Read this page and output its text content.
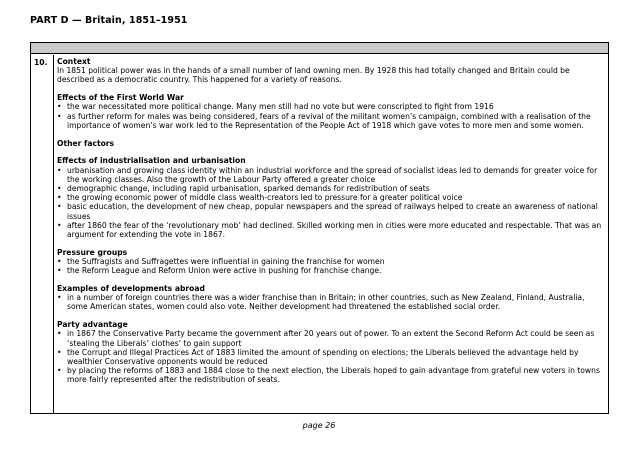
PART D — Britain, 1851–1951
10.	Context

In 1851 political power was in the hands of a small number of land owning men. By 1928 this had totally changed and Britain could be described as a democratic country. This happened for a variety of reasons.

Effects of the First World War

• the war necessitated more political change. Many men still had no vote but were conscripted to fight from 1916
• as further reform for males was being considered, fears of a revival of the militant women’s campaign, combined with a realisation of the importance of women’s war work led to the Representation of the People Act of 1918 which gave votes to more men and some women.

Other factors

Effects of industrialisation and urbanisation

• urbanisation and growing class identity within an industrial workforce and the spread of socialist ideas led to demands for greater voice for the working classes. Also the growth of the Labour Party offered a greater choice
• demographic change, including rapid urbanisation, sparked demands for redistribution of seats
• the growing economic power of middle class wealth-creators led to pressure for a greater political voice
• basic education, the development of new cheap, popular newspapers and the spread of railways helped to create an awareness of national issues
• after 1860 the fear of the ‘revolutionary mob’ had declined. Skilled working men in cities were more educated and respectable. That was an argument for extending the vote in 1867.

Pressure groups

• the Suffragists and Suffragettes were influential in gaining the franchise for women
• the Reform League and Reform Union were active in pushing for franchise change.

Examples of developments abroad

• in a number of foreign countries there was a wider franchise than in Britain; in other countries, such as New Zealand, Finland, Australia, some American states, women could also vote. Neither development had threatened the established social order.

Party advantage

• in 1867 the Conservative Party became the government after 20 years out of power. To an extent the Second Reform Act could be seen as ‘stealing the Liberals’ clothes’ to gain support
• the Corrupt and Illegal Practices Act of 1883 limited the amount of spending on elections; the Liberals believed the advantage held by wealthier Conservative opponents would be reduced
• by placing the reforms of 1883 and 1884 close to the next election, the Liberals hoped to gain advantage from grateful new voters in towns more fairly represented after the redistribution of seats.
page 26
